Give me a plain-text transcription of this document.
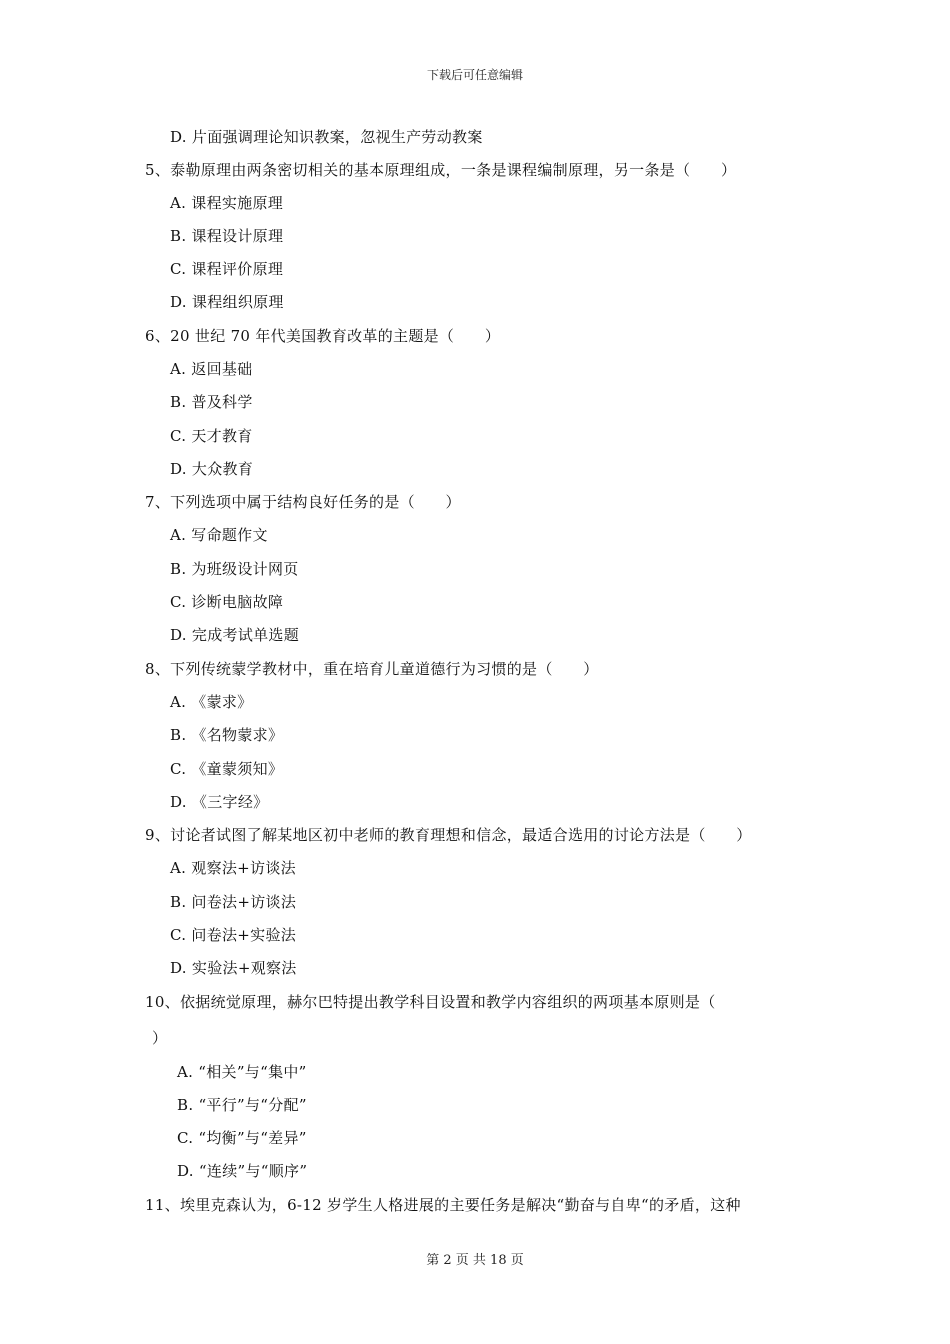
下载后可任意编辑
D. 片面强调理论知识教案，忽视生产劳动教案
5、泰勒原理由两条密切相关的基本原理组成，一条是课程编制原理，另一条是（　　）
A. 课程实施原理
B. 课程设计原理
C. 课程评价原理
D. 课程组织原理
6、20 世纪 70 年代美国教育改革的主题是（　　）
A. 返回基础
B. 普及科学
C. 天才教育
D. 大众教育
7、下列选项中属于结构良好任务的是（　　）
A. 写命题作文
B. 为班级设计网页
C. 诊断电脑故障
D. 完成考试单选题
8、下列传统蒙学教材中，重在培育儿童道德行为习惯的是（　　）
A. 《蒙求》
B. 《名物蒙求》
C. 《童蒙须知》
D. 《三字经》
9、讨论者试图了解某地区初中老师的教育理想和信念，最适合选用的讨论方法是（　　）
A. 观察法+访谈法
B. 问卷法+访谈法
C. 问卷法+实验法
D. 实验法+观察法
10、依据统觉原理，赫尔巴特提出教学科目设置和教学内容组织的两项基本原则是（
）
A. “相关”与“集中”
B. “平行”与“分配”
C. “均衡”与“差异”
D. “连续”与“顺序”
11、埃里克森认为，6-12 岁学生人格进展的主要任务是解决“勤奋与自卑“的矛盾，这种
第 2 页 共 18 页
